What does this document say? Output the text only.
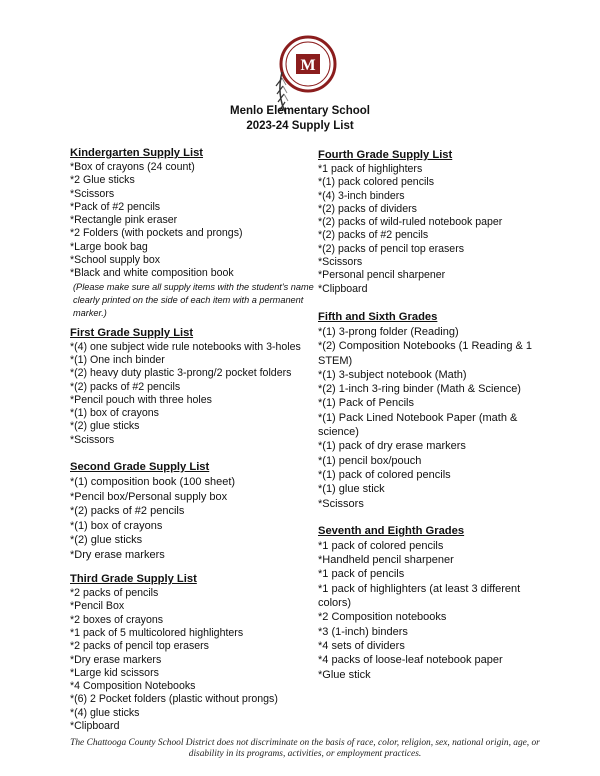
M
Menlo Elementary School
2023-24 Supply List
Kindergarten Supply List
*Box of crayons (24 count)
*2 Glue sticks
*Scissors
*Pack of #2 pencils
*Rectangle pink eraser
*2 Folders (with pockets and prongs)
*Large book bag
*School supply box
*Black and white composition book
(Please make sure all supply items with the student's name clearly printed on the side of each item with a permanent marker.)
First Grade Supply List
*(4) one subject wide rule notebooks with 3-holes
*(1) One inch binder
*(2) heavy duty plastic 3-prong/2 pocket folders
*(2) packs of #2 pencils
*Pencil pouch with three holes
*(1) box of crayons
*(2) glue sticks
*Scissors
Second Grade Supply List
*(1) composition book (100 sheet)
*Pencil box/Personal supply box
*(2) packs of #2 pencils
*(1) box of crayons
*(2) glue sticks
*Dry erase markers
Third Grade Supply List
*2 packs of pencils
*Pencil Box
*2 boxes of crayons
*1 pack of 5 multicolored highlighters
*2 packs of pencil top erasers
*Dry erase markers
*Large kid scissors
*4 Composition Notebooks
*(6) 2 Pocket folders (plastic without prongs)
*(4) glue sticks
*Clipboard
Fourth Grade Supply List
*1 pack of highlighters
*(1) pack colored pencils
*(4) 3-inch binders
*(2) packs of dividers
*(2) packs of wild-ruled notebook paper
*(2) packs of #2 pencils
*(2) packs of pencil top erasers
*Scissors
*Personal pencil sharpener
*Clipboard
Fifth and Sixth Grades
*(1) 3-prong folder (Reading)
*(2) Composition Notebooks (1 Reading & 1 STEM)
*(1) 3-subject notebook (Math)
*(2) 1-inch 3-ring binder (Math & Science)
*(1) Pack of Pencils
*(1) Pack Lined Notebook Paper (math & science)
*(1) pack of dry erase markers
*(1) pencil box/pouch
*(1) pack of colored pencils
*(1) glue stick
*Scissors
Seventh and Eighth Grades
*1 pack of colored pencils
*Handheld pencil sharpener
*1 pack of pencils
*1 pack of highlighters (at least 3 different colors)
*2 Composition notebooks
*3 (1-inch) binders
*4 sets of dividers
*4 packs of loose-leaf notebook paper
*Glue stick
The Chattooga County School District does not discriminate on the basis of race, color, religion, sex, national origin, age, or
disability in its programs, activities, or employment practices.
